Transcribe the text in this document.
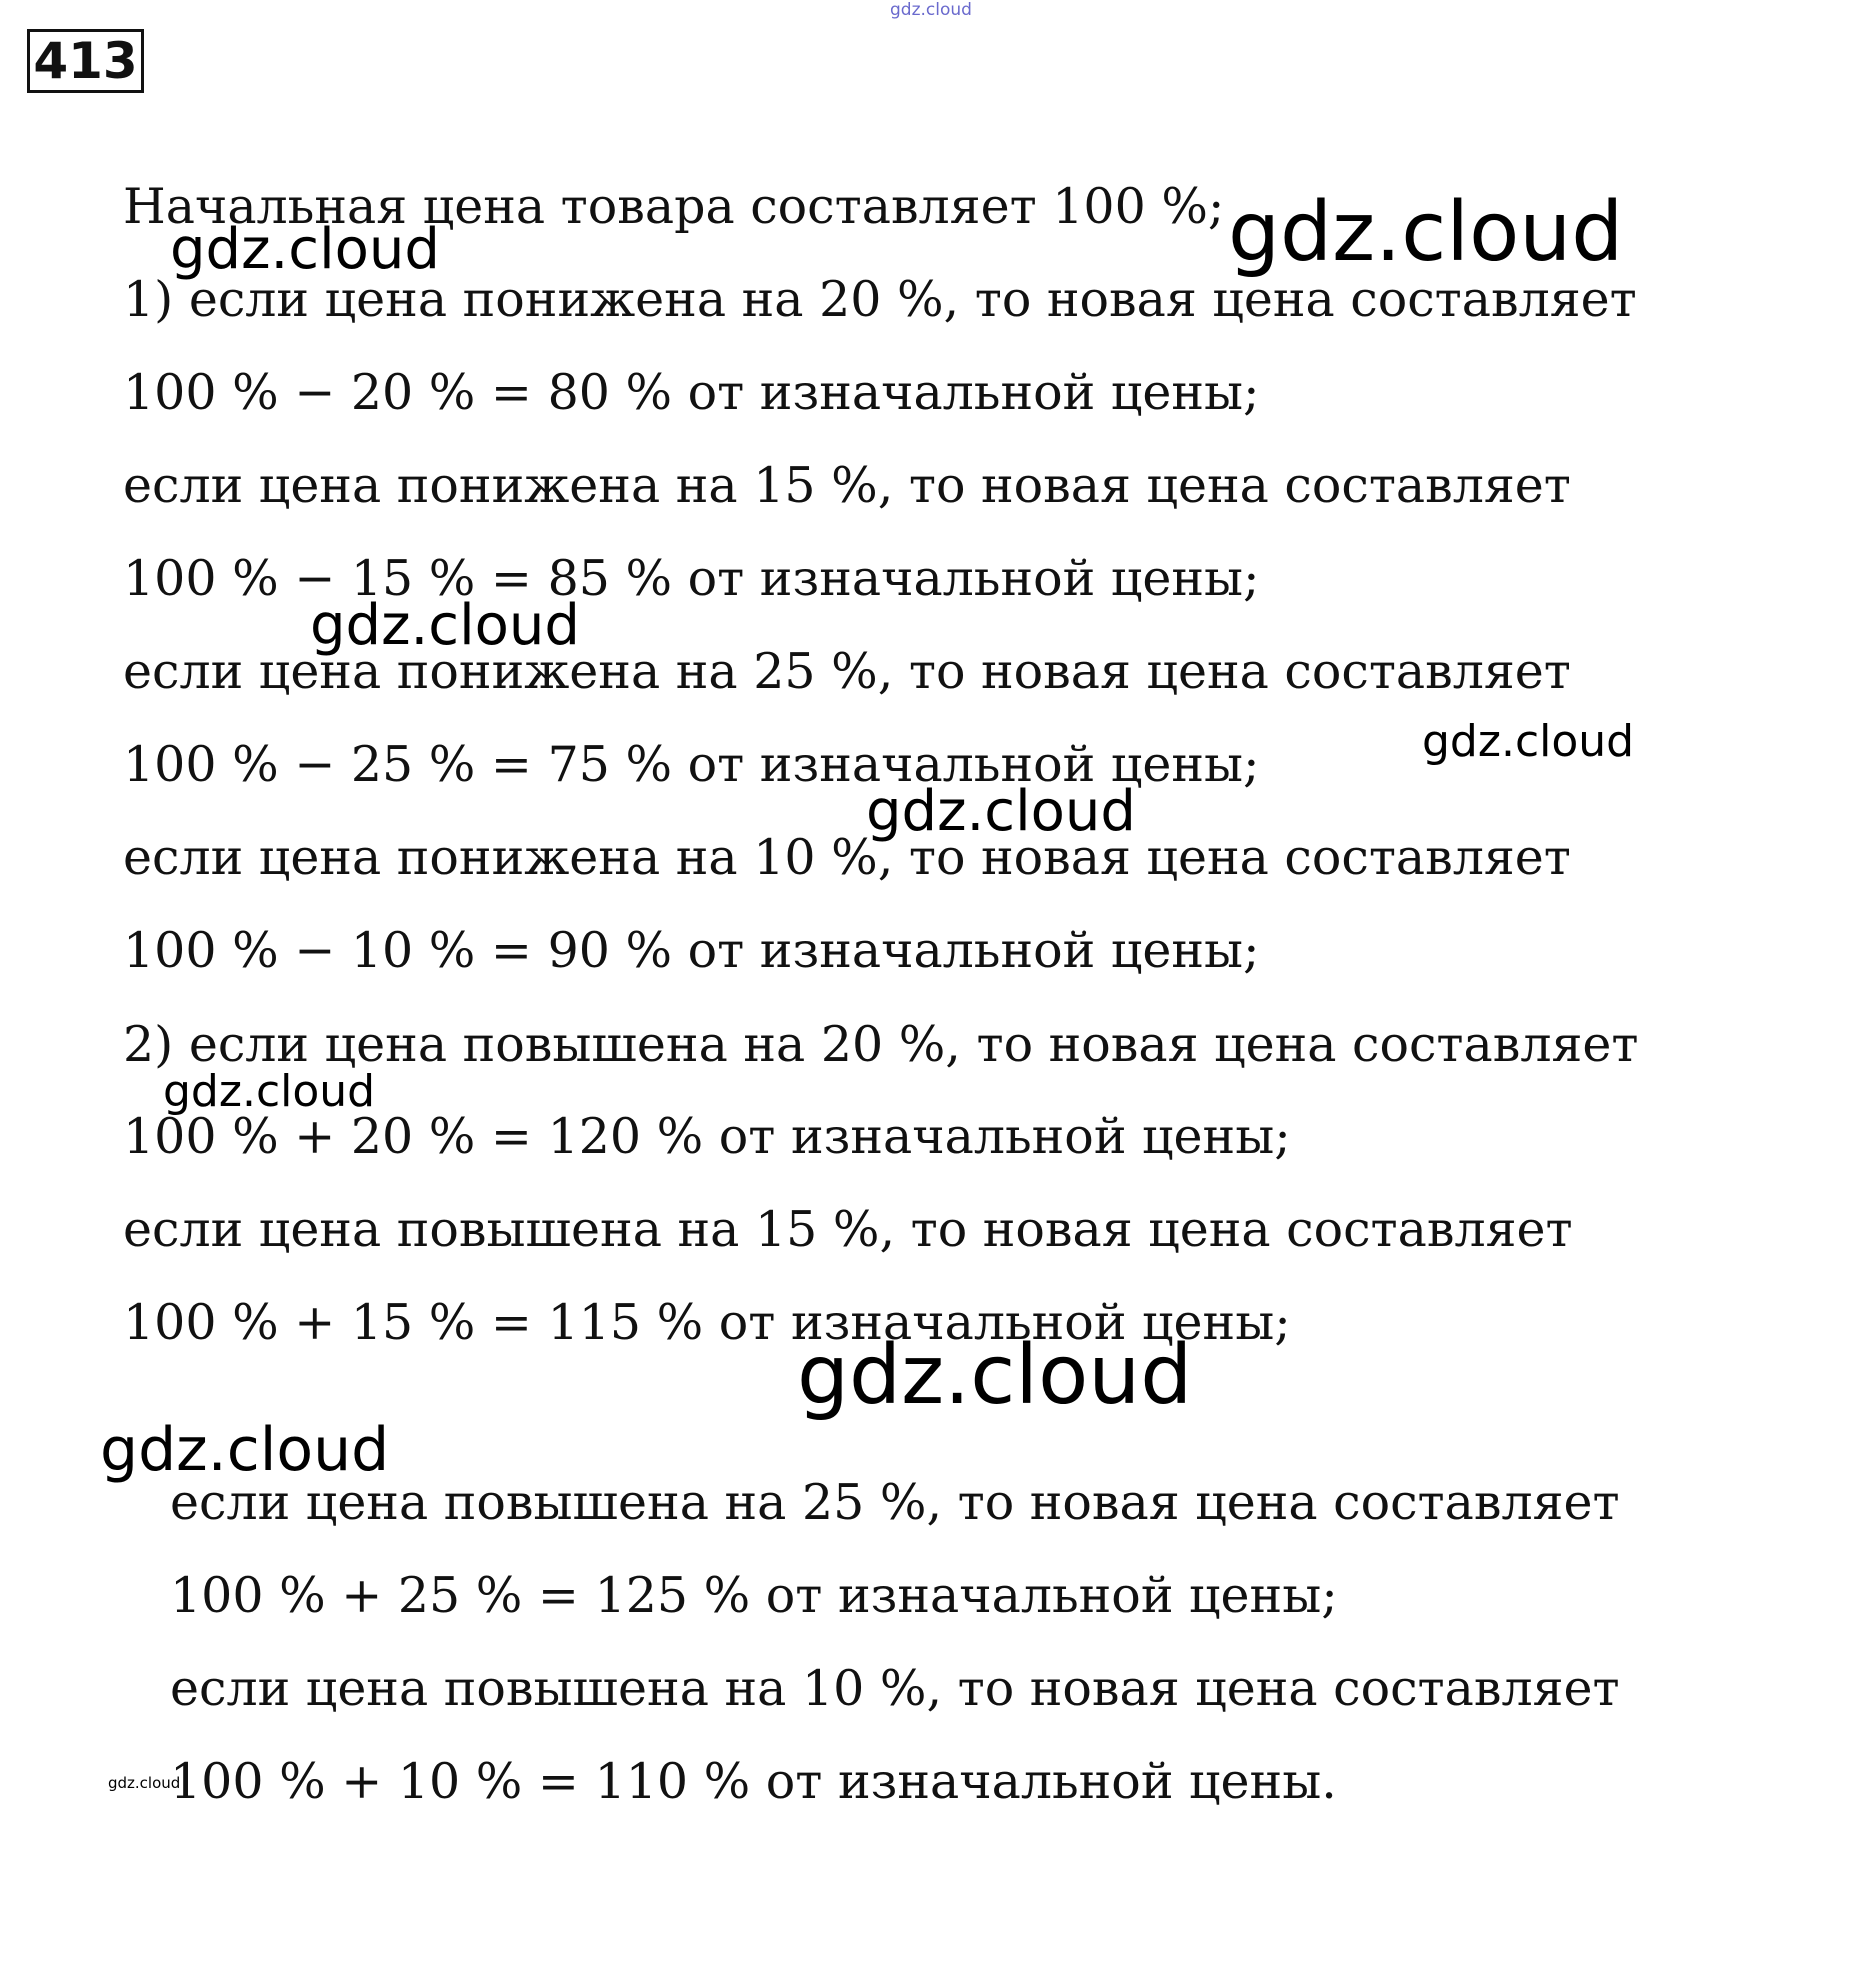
413
Начальная цена товара составляет 100 %;
1) если цена понижена на 20 %, то новая цена составляет
100 % − 20 % = 80 % от изначальной цены;
если цена понижена на 15 %, то новая цена составляет
100 % − 15 % = 85 % от изначальной цены;
если цена понижена на 25 %, то новая цена составляет
100 % − 25 % = 75 % от изначальной цены;
если цена понижена на 10 %, то новая цена составляет
100 % − 10 % = 90 % от изначальной цены;
2) если цена повышена на 20 %, то новая цена составляет
100 % + 20 % = 120 % от изначальной цены;
если цена повышена на 15 %, то новая цена составляет
100 % + 15 % = 115 % от изначальной цены;
если цена повышена на 25 %, то новая цена составляет
100 % + 25 % = 125 % от изначальной цены;
если цена повышена на 10 %, то новая цена составляет
100 % + 10 % = 110 % от изначальной цены.
gdz.cloud
gdz.cloud
gdz.cloud
gdz.cloud
gdz.cloud
gdz.cloud
gdz.cloud
gdz.cloud
gdz.cloud
gdz.cloud
